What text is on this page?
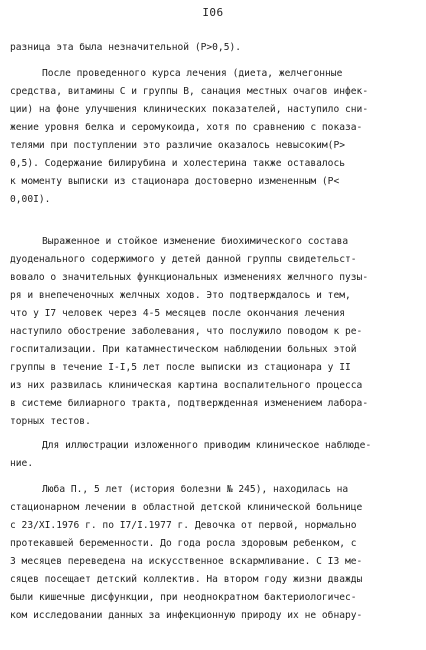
I06
разница эта была незначительной (P>0,5).
После проведенного курса лечения (диета, желчегонные
средства, витамины С и группы В, санация местных очагов инфек-
ции) на фоне улучшения клинических показателей, наступило сни-
жение уровня белка и серомукоида, хотя по сравнению с показа-
телями при поступлении это различие оказалось невысоким(P>
0,5). Содержание билирубина и холестерина также оставалось
к моменту выписки из стационара достоверно измененным (P<
0,00I).
Выраженное и стойкое изменение биохимического состава
дуоденального содержимого у детей данной группы свидетельст-
вовало о значительных функциональных изменениях желчного пузы-
ря и внепеченочных желчных ходов. Это подтверждалось и тем,
что у I7 человек через 4-5 месяцев после окончания лечения
наступило обострение заболевания, что послужило поводом к ре-
госпитализации. При катамнестическом наблюдении больных этой
группы в течение I-I,5 лет после выписки из стационара у II
из них развилась клиническая картина воспалительного процесса
в системе билиарного тракта, подтвержденная изменением лабора-
торных тестов.
Для иллюстрации изложенного приводим клиническое наблюде-
ние.
Люба П., 5 лет (история болезни № 245), находилась на
стационарном лечении в областной детской клинической больнице
с 23/XI.1976 г. по I7/I.1977 г. Девочка от первой, нормально
протекавшей беременности. До года росла здоровым ребенком, с
3 месяцев переведена на искусственное вскармливание. С I3 ме-
сяцев посещает детский коллектив. На втором году жизни дважды
были кишечные дисфункции, при неоднократном бактериологичес-
ком исследовании данных за инфекционную природу их не обнару-
